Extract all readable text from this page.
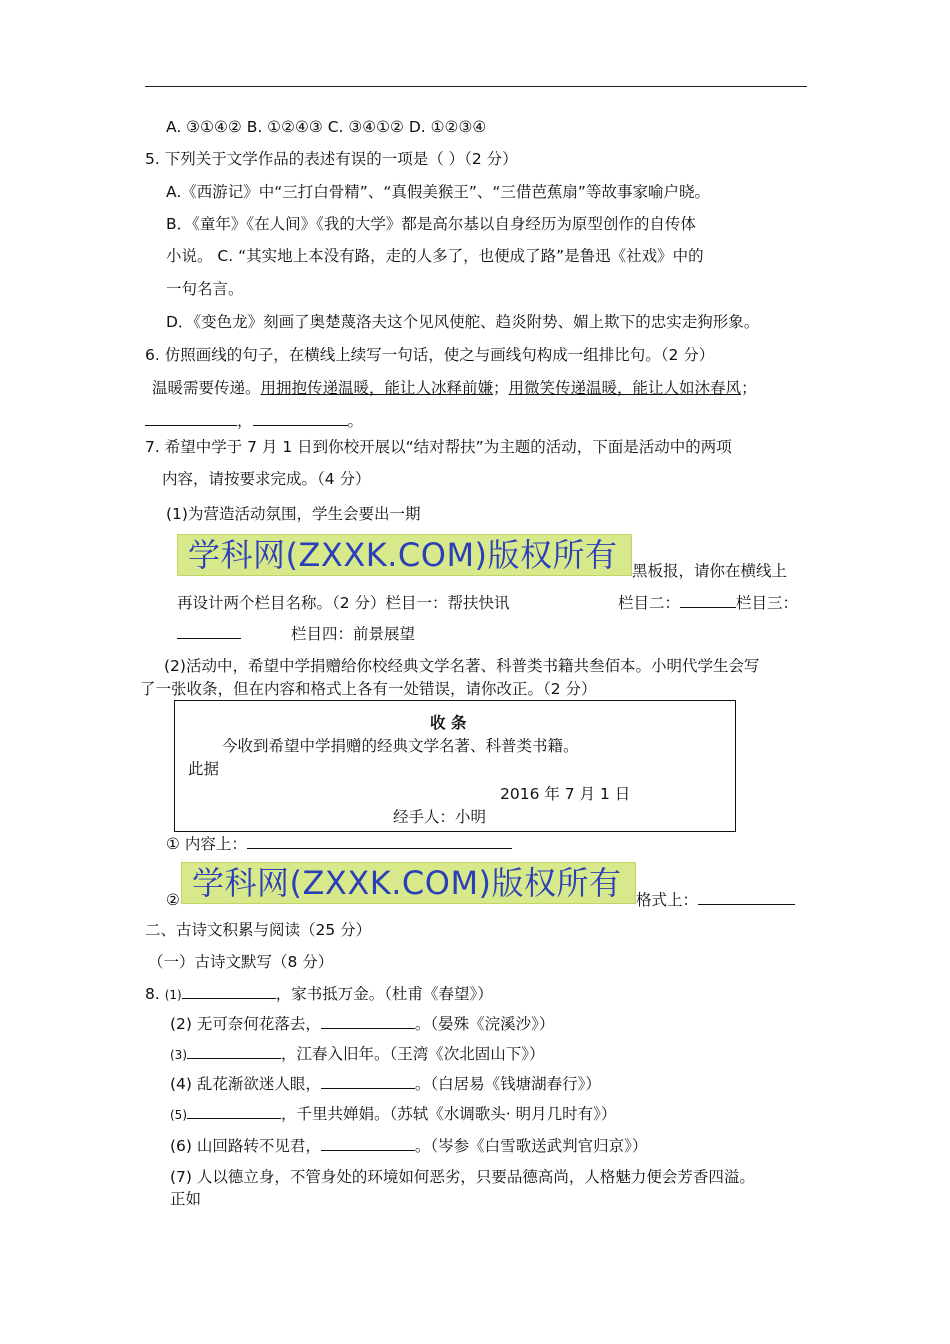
A. ③①④② B. ①②④③ C. ③④①② D. ①②③④
5. 下列关于文学作品的表述有误的一项是（ ）（2 分）
A.《西游记》中“三打白骨精”、“真假美猴王”、“三借芭蕉扇”等故事家喻户晓。
B．《童年》《在人间》《我的大学》都是高尔基以自身经历为原型创作的自传体
小说。 C. “其实地上本没有路，走的人多了，也便成了路”是鲁迅《社戏》中的
一句名言。
D．《变色龙》刻画了奥楚蔑洛夫这个见风使舵、趋炎附势、媚上欺下的忠实走狗形象。
6. 仿照画线的句子，在横线上续写一句话，使之与画线句构成一组排比句。（2 分）
温暖需要传递。用拥抱传递温暖，能让人冰释前嫌；用微笑传递温暖，能让人如沐春风；
，	。
7. 希望中学于 7 月 1 日到你校开展以“结对帮扶”为主题的活动，下面是活动中的两项
内容，请按要求完成。（4 分）
(1)为营造活动氛围，学生会要出一期
学科网(ZXXK.COM)版权所有 黑板报，请你在横线上
再设计两个栏目名称。（2 分）栏目一：帮扶快讯	栏目二：	栏目三：
栏目四：前景展望
(2)活动中，希望中学捐赠给你校经典文学名著、科普类书籍共叁佰本。小明代学生会写
了一张收条，但在内容和格式上各有一处错误，请你改正。（2 分）
收 条
今收到希望中学捐赠的经典文学名著、科普类书籍。
此据
2016 年 7 月 1 日
经手人：小明
① 内容上：
② 学科网(ZXXK.COM)版权所有 格式上：
二、古诗文积累与阅读（25 分）
（一）古诗文默写（8 分）
8. (1)	，家书抵万金。（杜甫《春望》）
(2) 无可奈何花落去，	。（晏殊《浣溪沙》）
(3)	，江春入旧年。（王湾《次北固山下》）
(4) 乱花渐欲迷人眼，	。（白居易《钱塘湖春行》）
(5)	，千里共婵娟。（苏轼《水调歌头· 明月几时有》）
(6) 山回路转不见君，	。（岑参《白雪歌送武判官归京》）
(7) 人以德立身，不管身处的环境如何恶劣，只要品德高尚，人格魅力便会芳香四溢。
正如
